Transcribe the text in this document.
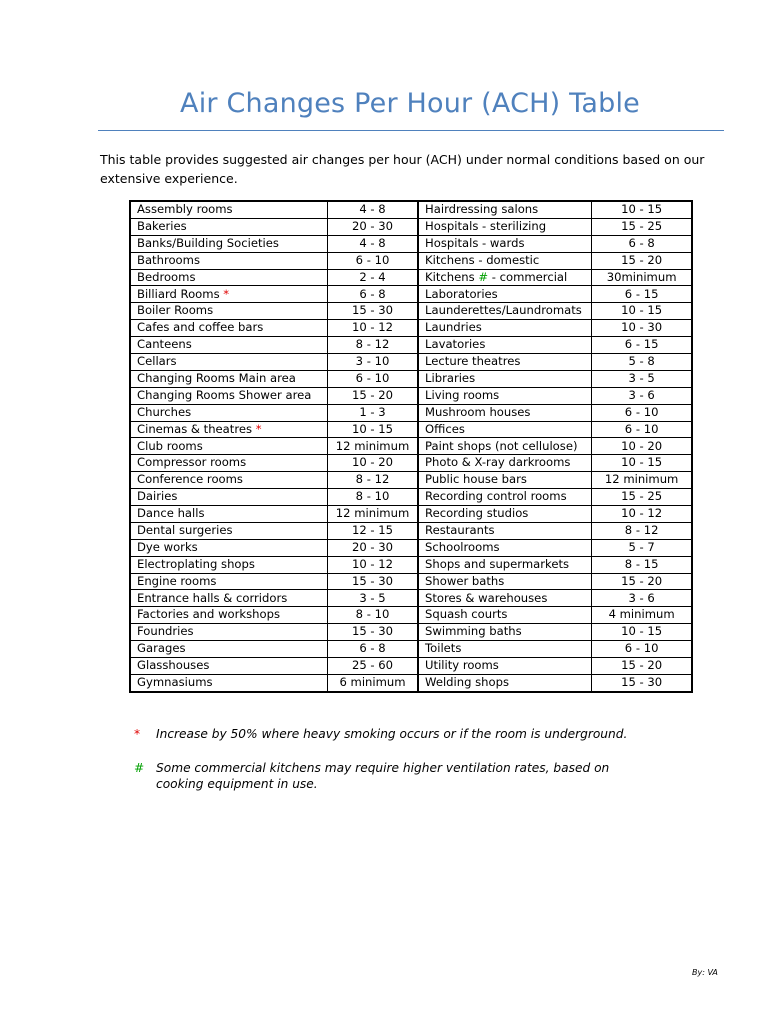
Air Changes Per Hour (ACH) Table
This table provides suggested air changes per hour (ACH) under normal conditions based on our extensive experience.
Assembly rooms	4 - 8	Hairdressing salons	10 - 15
Bakeries	20 - 30	Hospitals - sterilizing	15 - 25
Banks/Building Societies	4 - 8	Hospitals - wards	6 - 8
Bathrooms	6 - 10	Kitchens - domestic	15 - 20
Bedrooms	2 - 4	Kitchens # - commercial	30minimum
Billiard Rooms *	6 - 8	Laboratories	6 - 15
Boiler Rooms	15 - 30	Launderettes/Laundromats	10 - 15
Cafes and coffee bars	10 - 12	Laundries	10 - 30
Canteens	8 - 12	Lavatories	6 - 15
Cellars	3 - 10	Lecture theatres	5 - 8
Changing Rooms Main area	6 - 10	Libraries	3 - 5
Changing Rooms Shower area	15 - 20	Living rooms	3 - 6
Churches	1 - 3	Mushroom houses	6 - 10
Cinemas & theatres *	10 - 15	Offices	6 - 10
Club rooms	12 minimum	Paint shops (not cellulose)	10 - 20
Compressor rooms	10 - 20	Photo & X-ray darkrooms	10 - 15
Conference rooms	8 - 12	Public house bars	12 minimum
Dairies	8 - 10	Recording control rooms	15 - 25
Dance halls	12 minimum	Recording studios	10 - 12
Dental surgeries	12 - 15	Restaurants	8 - 12
Dye works	20 - 30	Schoolrooms	5 - 7
Electroplating shops	10 - 12	Shops and supermarkets	8 - 15
Engine rooms	15 - 30	Shower baths	15 - 20
Entrance halls & corridors	3 - 5	Stores & warehouses	3 - 6
Factories and workshops	8 - 10	Squash courts	4 minimum
Foundries	15 - 30	Swimming baths	10 - 15
Garages	6 - 8	Toilets	6 - 10
Glasshouses	25 - 60	Utility rooms	15 - 20
Gymnasiums	6 minimum	Welding shops	15 - 30
* Increase by 50% where heavy smoking occurs or if the room is underground.
# Some commercial kitchens may require higher ventilation rates, based on cooking equipment in use.
By: VA
